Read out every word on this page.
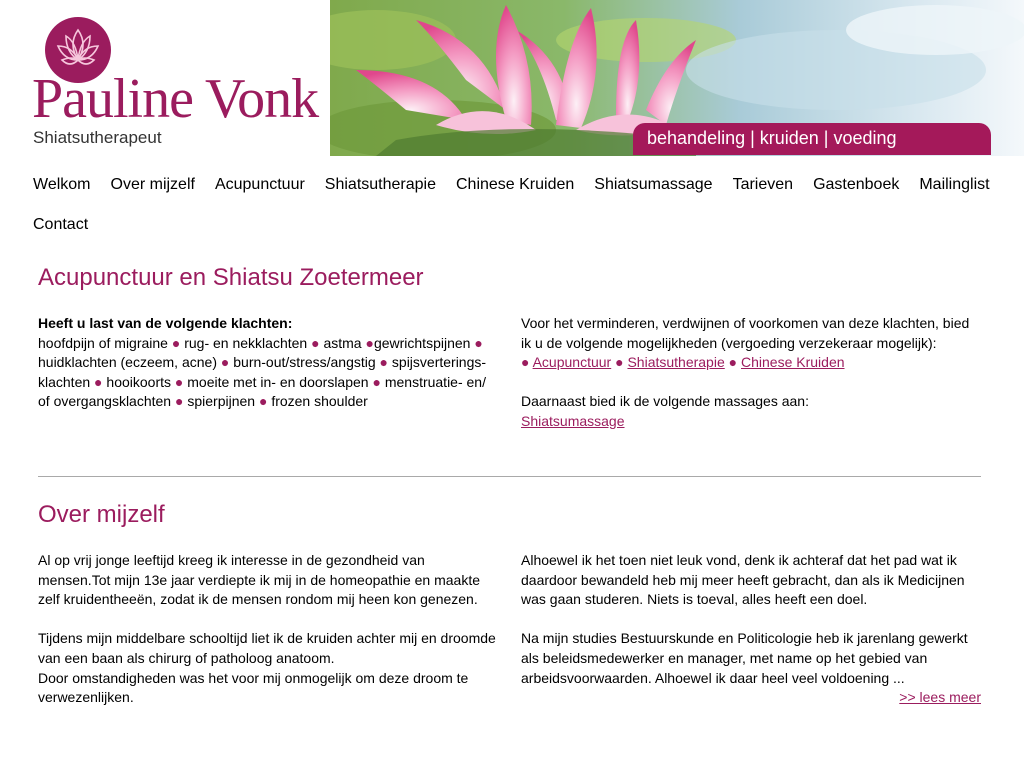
Pauline Vonk
Shiatsutherapeut	behandeling | kruiden | voeding
Welkom Over mijzelf Acupunctuur Shiatsutherapie Chinese Kruiden Shiatsumassage Tarieven Gastenboek Mailinglist
Contact
Acupunctuur en Shiatsu Zoetermeer

Heeft u last van de volgende klachten:

hoofdpijn of migraine ● rug- en nekklachten ● astma ●gewrichtspijnen ● huidklachten (eczeem, acne) ● burn-out/stress/angstig ● spijsverterings-klachten ● hooikoorts ● moeite met in- en doorslapen ● menstruatie- en/ of overgangsklachten ● spierpijnen ● frozen shoulder

Voor het verminderen, verdwijnen of voorkomen van deze klachten, bied ik u de volgende mogelijkheden (vergoeding verzekeraar mogelijk):

● Acupunctuur ● Shiatsutherapie ● Chinese Kruiden

Daarnaast bied ik de volgende massages aan:

Shiatsumassage

Over mijzelf

Al op vrij jonge leeftijd kreeg ik interesse in de gezondheid van mensen.Tot mijn 13e jaar verdiepte ik mij in de homeopathie en maakte zelf kruidentheeën, zodat ik de mensen rondom mij heen kon genezen.

Tijdens mijn middelbare schooltijd liet ik de kruiden achter mij en droomde van een baan als chirurg of patholoog anatoom.

Door omstandigheden was het voor mij onmogelijk om deze droom te verwezenlijken.

Alhoewel ik het toen niet leuk vond, denk ik achteraf dat het pad wat ik daardoor bewandeld heb mij meer heeft gebracht, dan als ik Medicijnen was gaan studeren. Niets is toeval, alles heeft een doel.

Na mijn studies Bestuurskunde en Politicologie heb ik jarenlang gewerkt als beleidsmedewerker en manager, met name op het gebied van arbeidsvoorwaarden. Alhoewel ik daar heel veel voldoening ...

>> lees meer
